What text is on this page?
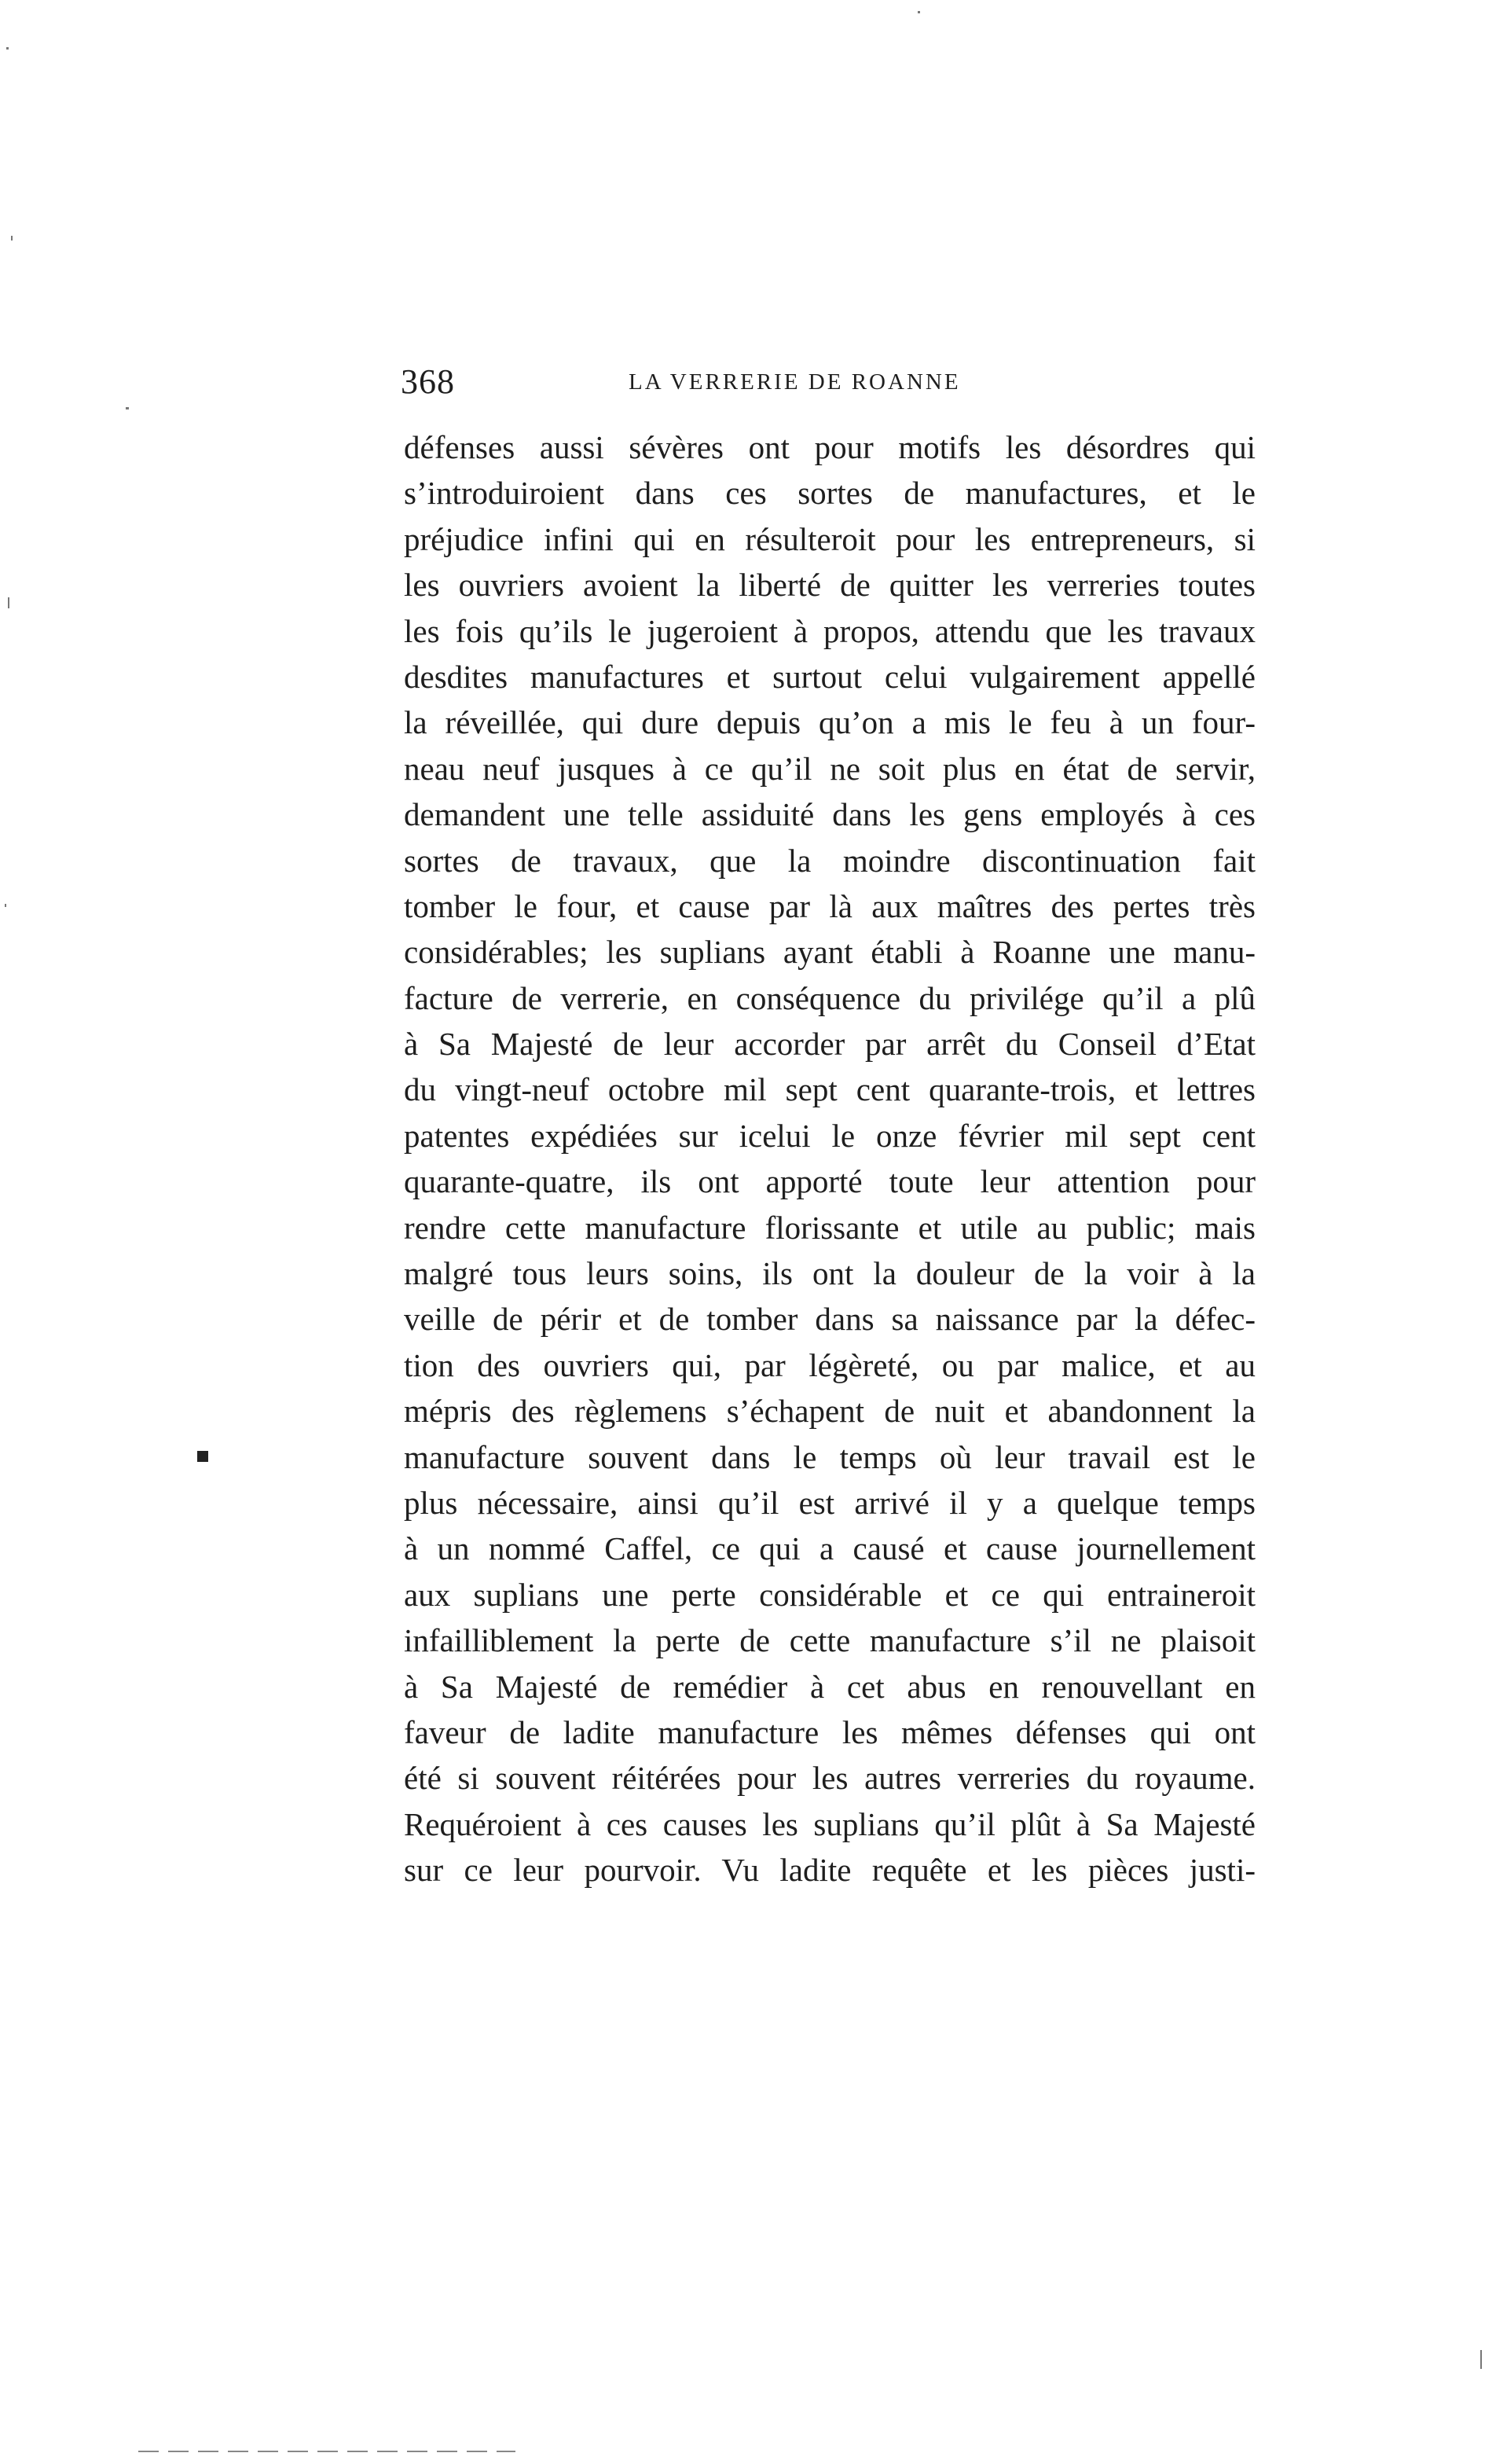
368	LA VERRERIE DE ROANNE
défenses aussi sévères ont pour motifs les désordres qui
s’introduiroient dans ces sortes de manufactures, et le
préjudice infini qui en résulteroit pour les entrepreneurs, si
les ouvriers avoient la liberté de quitter les verreries toutes
les fois qu’ils le jugeroient à propos, attendu que les travaux
desdites manufactures et surtout celui vulgairement appellé
la réveillée, qui dure depuis qu’on a mis le feu à un four-
neau neuf jusques à ce qu’il ne soit plus en état de servir,
demandent une telle assiduité dans les gens employés à ces
sortes de travaux, que la moindre discontinuation fait
tomber le four, et cause par là aux maîtres des pertes très
considérables; les suplians ayant établi à Roanne une manu-
facture de verrerie, en conséquence du privilége qu’il a plû
à Sa Majesté de leur accorder par arrêt du Conseil d’Etat
du vingt-neuf octobre mil sept cent quarante-trois, et lettres
patentes expédiées sur icelui le onze février mil sept cent
quarante-quatre, ils ont apporté toute leur attention pour
rendre cette manufacture florissante et utile au public; mais
malgré tous leurs soins, ils ont la douleur de la voir à la
veille de périr et de tomber dans sa naissance par la défec-
tion des ouvriers qui, par légèreté, ou par malice, et au
mépris des règlemens s’échapent de nuit et abandonnent la
manufacture souvent dans le temps où leur travail est le
plus nécessaire, ainsi qu’il est arrivé il y a quelque temps
à un nommé Caffel, ce qui a causé et cause journellement
aux suplians une perte considérable et ce qui entraineroit
infailliblement la perte de cette manufacture s’il ne plaisoit
à Sa Majesté de remédier à cet abus en renouvellant en
faveur de ladite manufacture les mêmes défenses qui ont
été si souvent réitérées pour les autres verreries du royaume.
Requéroient à ces causes les suplians qu’il plût à Sa Majesté
sur ce leur pourvoir. Vu ladite requête et les pièces justi-
